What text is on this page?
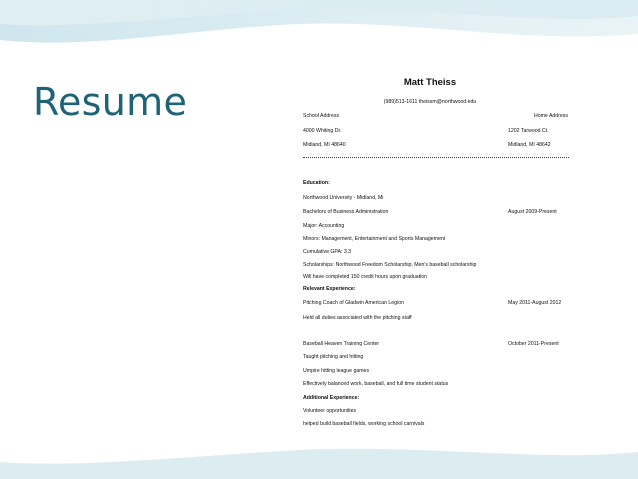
Resume	Matt Theiss
(989)513-1611 theissm@northwood.edu
School Address	Home Address
4000 Whiting Dr.	1202 Tarwood Ct.
Midland, MI 48640	Midland, MI 48642
Education:
Northwood University - Midland, Mi
Bachelors of Business Administration	August 2009-Present
Major: Accounting
Minors: Management, Entertainment and Sports Management
Cumulative GPA: 3.3
Scholarships: Northwood Freedom Scholarship, Men's baseball scholarship
Will have completed 150 credit hours upon graduation
Relevant Experience:
Pitching Coach of Gladwin American Legion	May 2011-August 2012
Held all duties associated with the pitching staff
Baseball Heaven Training Center	October 2011-Present
Taught pitching and hitting
Umpire hitting league games
Effectively balanced work, baseball, and full time student status
Additional Experience:
Volunteer opportunities
helped build baseball fields, working school carnivals
